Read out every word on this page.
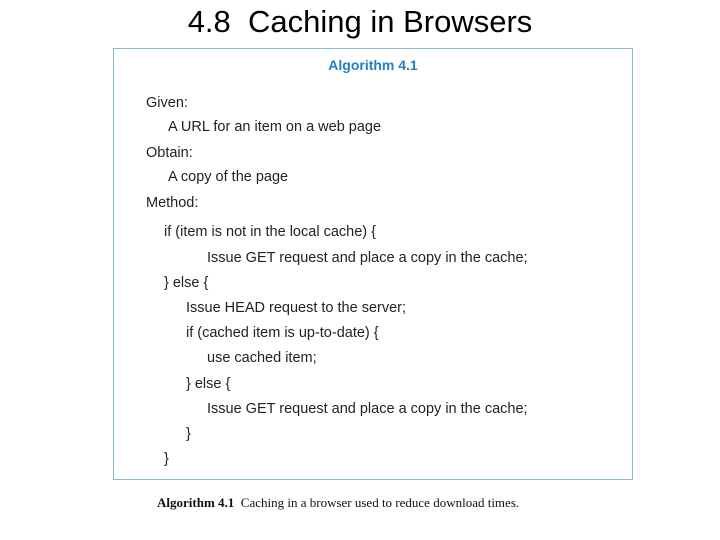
4.8  Caching in Browsers
Algorithm 4.1
Given:
A URL for an item on a web page
Obtain:
A copy of the page
Method:
if (item is not in the local cache) {
Issue GET request and place a copy in the cache;
} else {
Issue HEAD request to the server;
if (cached item is up-to-date) {
use cached item;
} else {
Issue GET request and place a copy in the cache;
}
}
Algorithm 4.1  Caching in a browser used to reduce download times.
